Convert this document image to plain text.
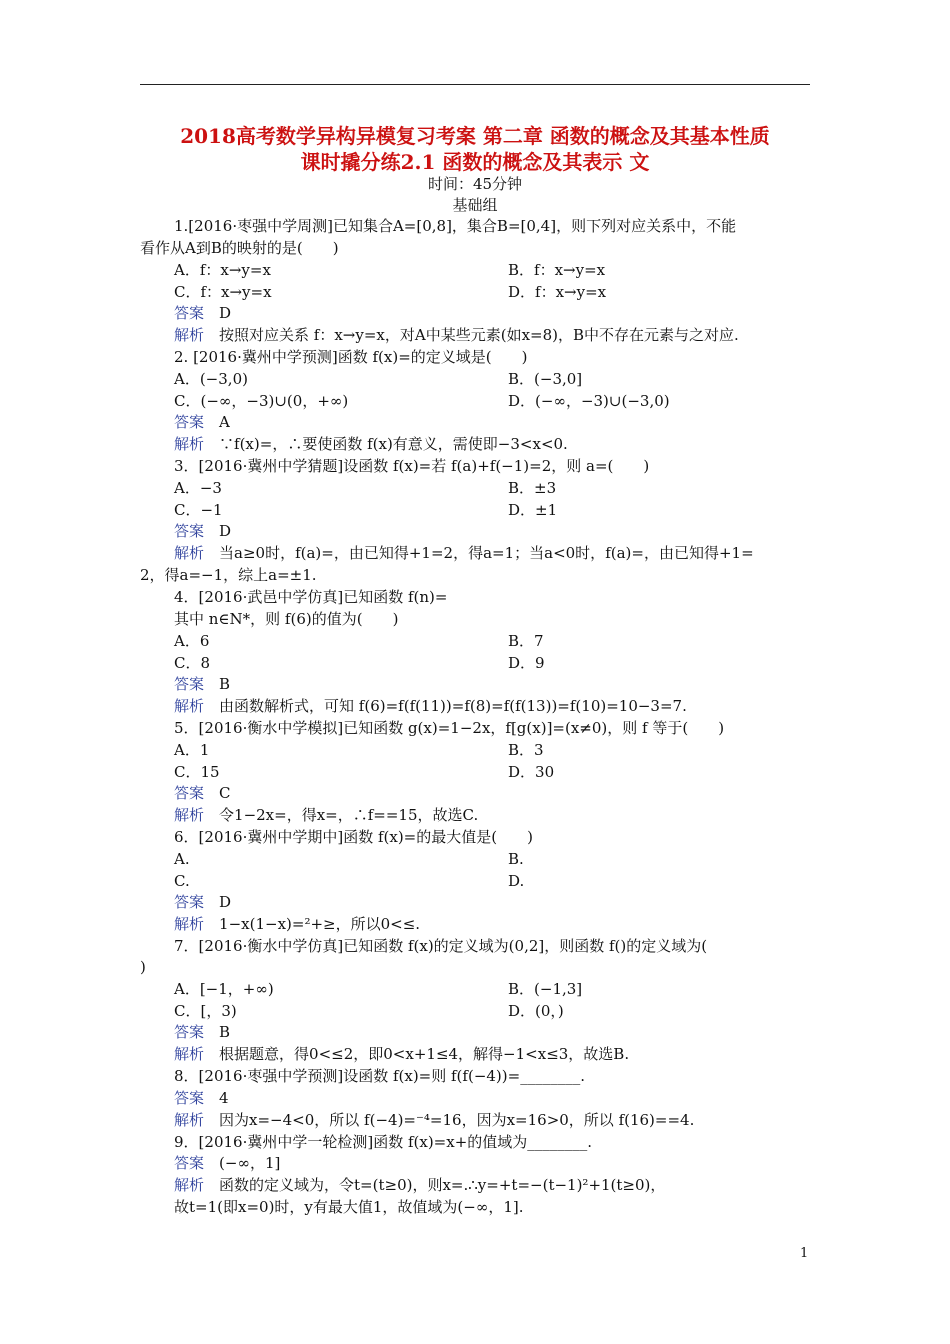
2018高考数学异构异模复习考案 第二章 函数的概念及其基本性质
课时撬分练2.1 函数的概念及其表示 文
时间：45分钟
基础组
1.[2016·枣强中学周测]已知集合A=[0,8]，集合B=[0,4]，则下列对应关系中，不能
看作从A到B的映射的是(　　)
A．f：x→y=x	B．f：x→y=x
C．f：x→y=x	D．f：x→y=x
答案　 D
解析　 按照对应关系 f：x→y=x，对A中某些元素(如x=8)，B中不存在元素与之对应.
2. [2016·冀州中学预测]函数 f(x)=的定义域是(　　)
A．(−3,0)	B．(−3,0]
C．(−∞，−3)∪(0，+∞)	D．(−∞，−3)∪(−3,0)
答案　 A
解析　 ∵f(x)=，∴要使函数 f(x)有意义，需使即−3<x<0.
3．[2016·冀州中学猜题]设函数 f(x)=若 f(a)+f(−1)=2，则 a=(　　)
A．−3	B．±3
C．−1	D．±1
答案　 D
解析　 当a≥0时，f(a)=，由已知得+1=2，得a=1；当a<0时，f(a)=，由已知得+1=
2，得a=−1，综上a=±1.
4．[2016·武邑中学仿真]已知函数 f(n)=
其中 n∈N*，则 f(6)的值为(　　)
A．6	B．7
C．8	D．9
答案　 B
解析　 由函数解析式，可知 f(6)=f(f(11))=f(8)=f(f(13))=f(10)=10−3=7.
5．[2016·衡水中学模拟]已知函数 g(x)=1−2x，f[g(x)]=(x≠0)，则 f 等于(　　)
A．1	B．3
C．15	D．30
答案　 C
解析　 令1−2x=，得x=，∴f==15，故选C.
6．[2016·冀州中学期中]函数 f(x)=的最大值是(　　)
A.	B.
C.	D.
答案　 D
解析　 1−x(1−x)=²+≥，所以0<≤.
7．[2016·衡水中学仿真]已知函数 f(x)的定义域为(0,2]，则函数 f()的定义域为(
)
A．[−1，+∞)	B．(−1,3]
C．[，3)	D．(0，)
答案　 B
解析　 根据题意，得0<≤2，即0<x+1≤4，解得−1<x≤3，故选B.
8．[2016·枣强中学预测]设函数 f(x)=则 f(f(−4))=________.
答案　 4
解析　 因为x=−4<0，所以 f(−4)=⁻⁴=16，因为x=16>0，所以 f(16)==4.
9．[2016·冀州中学一轮检测]函数 f(x)=x+的值域为________.
答案　 (−∞，1]
解析　 函数的定义域为，令t=(t≥0)，则x=.∴y=+t=−(t−1)²+1(t≥0)，
故t=1(即x=0)时，y有最大值1，故值域为(−∞，1].
1
